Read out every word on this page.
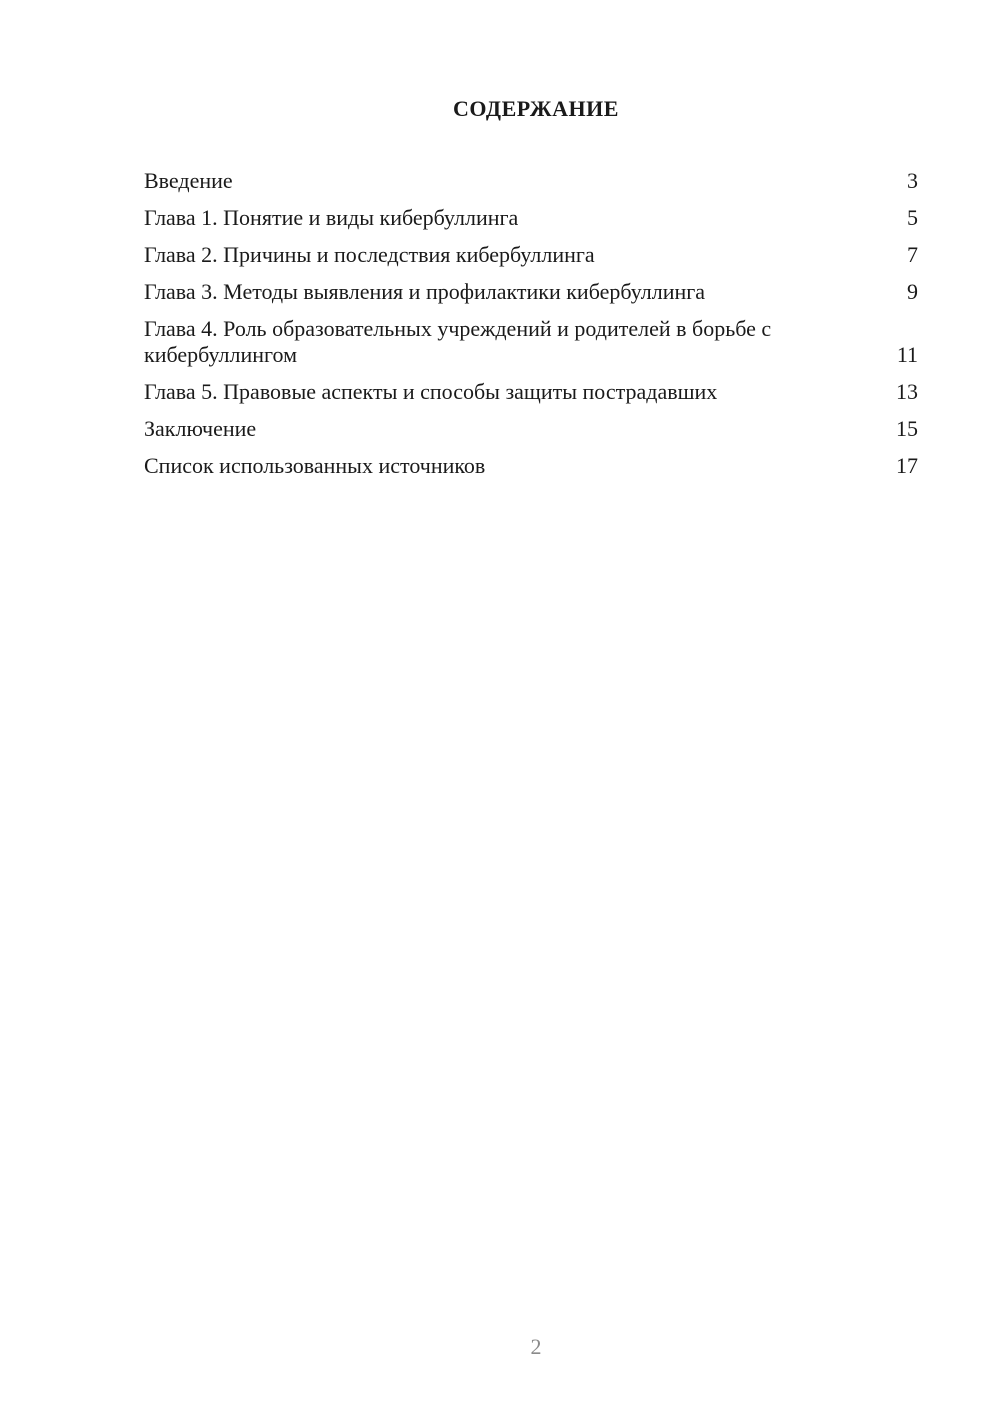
СОДЕРЖАНИЕ
Введение	3
Глава 1. Понятие и виды кибербуллинга	5
Глава 2. Причины и последствия кибербуллинга	7
Глава 3. Методы выявления и профилактики кибербуллинга	9
Глава 4. Роль образовательных учреждений и родителей в борьбе с кибербуллингом	11
Глава 5. Правовые аспекты и способы защиты пострадавших	13
Заключение	15
Список использованных источников	17
2
